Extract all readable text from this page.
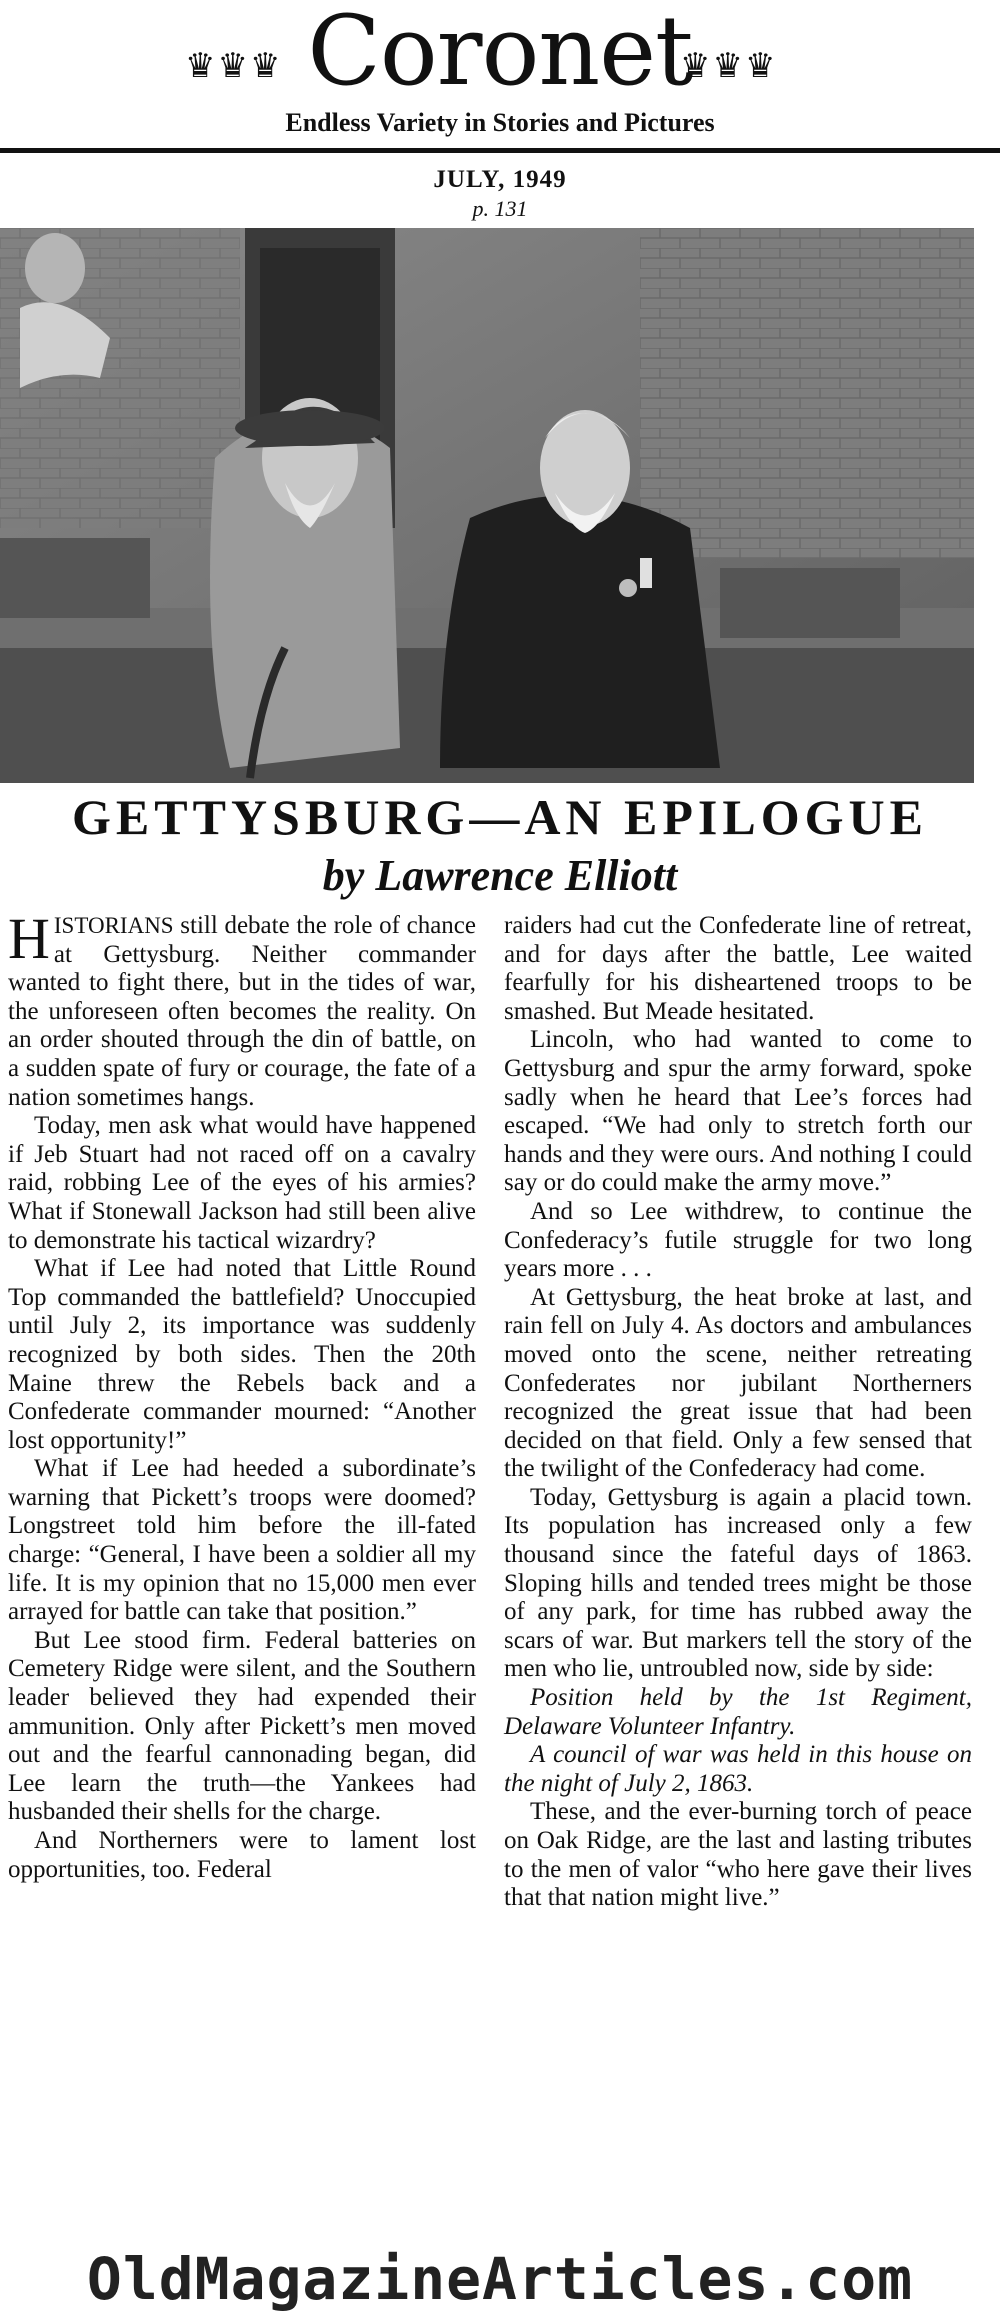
♛♛♛ Coronet
♛♛♛
Endless Variety in Stories and Pictures
JULY, 1949
p. 131
GETTYSBURG—AN EPILOGUE
by Lawrence Elliott

HISTORIANS still debate the role of chance at Gettysburg. Neither commander wanted to fight there, but in the tides of war, the unforeseen often becomes the reality. On an order shouted through the din of battle, on a sudden spate of fury or courage, the fate of a nation sometimes hangs.

Today, men ask what would have happened if Jeb Stuart had not raced off on a cavalry raid, robbing Lee of the eyes of his armies? What if Stonewall Jackson had still been alive to demonstrate his tactical wizardry?

What if Lee had noted that Little Round Top commanded the battlefield? Unoccupied until July 2, its importance was suddenly recognized by both sides. Then the 20th Maine threw the Rebels back and a Confederate commander mourned: “Another lost opportunity!”

What if Lee had heeded a subordinate’s warning that Pickett’s troops were doomed? Longstreet told him before the ill-fated charge: “General, I have been a soldier all my life. It is my opinion that no 15,000 men ever arrayed for battle can take that position.”

But Lee stood firm. Federal batteries on Cemetery Ridge were silent, and the Southern leader believed they had expended their ammunition. Only after Pickett’s men moved out and the fearful cannonading began, did Lee learn the truth—the Yankees had husbanded their shells for the charge.

And Northerners were to lament lost opportunities, too. Federal

raiders had cut the Confederate line of retreat, and for days after the battle, Lee waited fearfully for his disheartened troops to be smashed. But Meade hesitated.

Lincoln, who had wanted to come to Gettysburg and spur the army forward, spoke sadly when he heard that Lee’s forces had escaped. “We had only to stretch forth our hands and they were ours. And nothing I could say or do could make the army move.”

And so Lee withdrew, to continue the Confederacy’s futile struggle for two long years more . . .

At Gettysburg, the heat broke at last, and rain fell on July 4. As doctors and ambulances moved onto the scene, neither retreating Confederates nor jubilant Northerners recognized the great issue that had been decided on that field. Only a few sensed that the twilight of the Confederacy had come.

Today, Gettysburg is again a placid town. Its population has increased only a few thousand since the fateful days of 1863. Sloping hills and tended trees might be those of any park, for time has rubbed away the scars of war. But markers tell the story of the men who lie, untroubled now, side by side:

Position held by the 1st Regiment, Delaware Volunteer Infantry.

A council of war was held in this house on the night of July 2, 1863.

These, and the ever-burning torch of peace on Oak Ridge, are the last and lasting tributes to the men of valor “who here gave their lives that that nation might live.”

OldMagazineArticles.com
